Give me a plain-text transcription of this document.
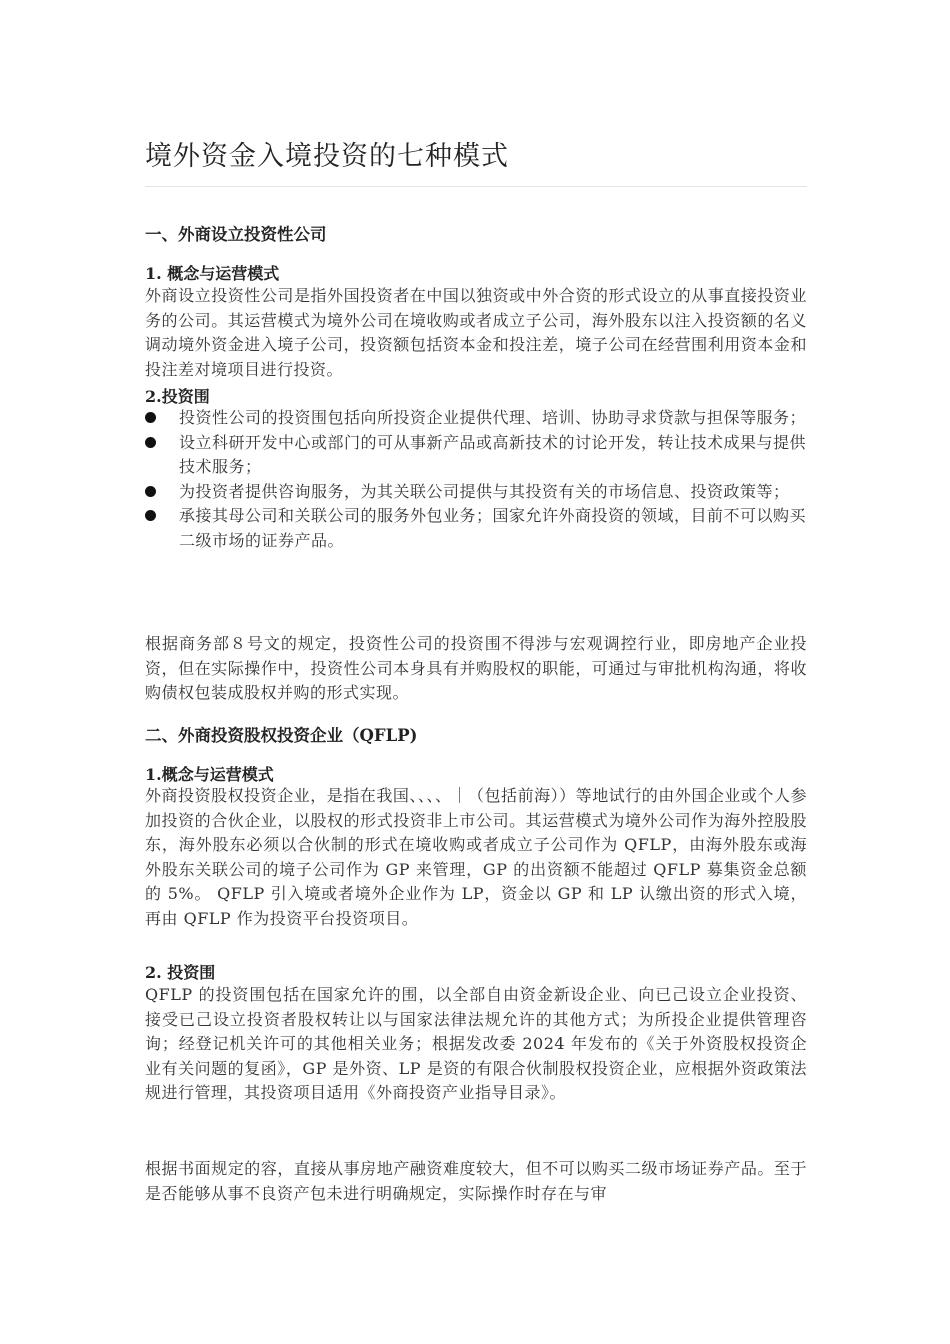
境外资金入境投资的七种模式
一、外商设立投资性公司
1. 概念与运营模式
外商设立投资性公司是指外国投资者在中国以独资或中外合资的形式设立的从事直接投资业务的公司。其运营模式为境外公司在境收购或者成立子公司，海外股东以注入投资额的名义调动境外资金进入境子公司，投资额包括资本金和投注差，境子公司在经营围利用资本金和投注差对境项目进行投资。
2.投资围
投资性公司的投资围包括向所投资企业提供代理、培训、协助寻求贷款与担保等服务；
设立科研开发中心或部门的可从事新产品或高新技术的讨论开发，转让技术成果与提供技术服务；
为投资者提供咨询服务，为其关联公司提供与其投资有关的市场信息、投资政策等；
承接其母公司和关联公司的服务外包业务；国家允许外商投资的领域，目前不可以购买二级市场的证券产品。
根据商务部８号文的规定，投资性公司的投资围不得涉与宏观调控行业，即房地产企业投资，但在实际操作中，投资性公司本身具有并购股权的职能，可通过与审批机构沟通，将收购债权包装成股权并购的形式实现。
二、外商投资股权投资企业（QFLP)
1.概念与运营模式
外商投资股权投资企业，是指在我国、、、、｜（包括前海））等地试行的由外国企业或个人参加投资的合伙企业，以股权的形式投资非上市公司。其运营模式为境外公司作为海外控股股东，海外股东必须以合伙制的形式在境收购或者成立子公司作为 QFLP，由海外股东或海外股东关联公司的境子公司作为 GP 来管理，GP 的出资额不能超过 QFLP 募集资金总额的 5%。 QFLP 引入境或者境外企业作为 LP，资金以 GP 和 LP 认缴出资的形式入境，再由 QFLP 作为投资平台投资项目。
2. 投资围
QFLP 的投资围包括在国家允许的围，以全部自由资金新设企业、向已己设立企业投资、接受已己设立投资者股权转让以与国家法律法规允许的其他方式；为所投企业提供管理咨询；经登记机关许可的其他相关业务；根据发改委 2024 年发布的《关于外资股权投资企业有关问题的复函》，GP 是外资、LP 是资的有限合伙制股权投资企业，应根据外资政策法规进行管理，其投资项目适用《外商投资产业指导目录》。
根据书面规定的容，直接从事房地产融资难度较大，但不可以购买二级市场证券产品。至于是否能够从事不良资产包未进行明确规定，实际操作时存在与审
